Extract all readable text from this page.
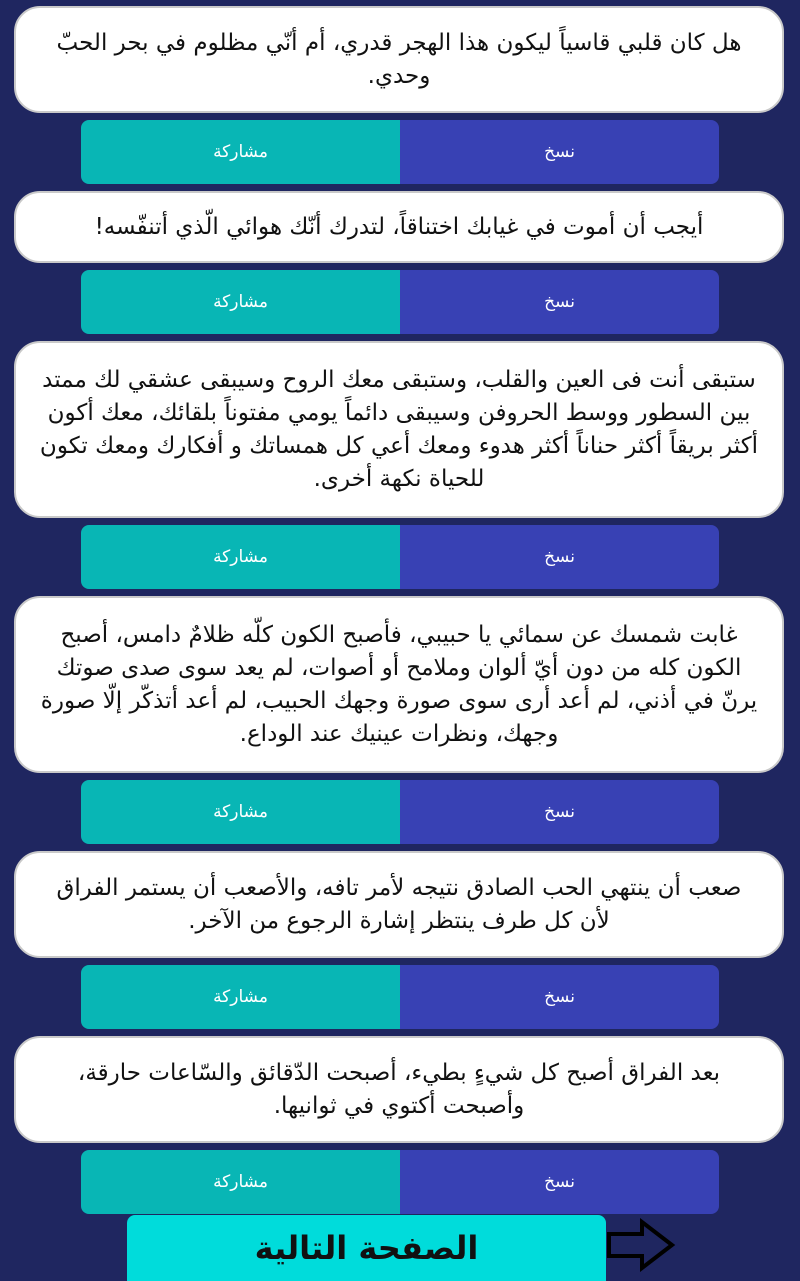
هل كان قلبي قاسياً ليكون هذا الهجر قدري، أم أنّي مظلوم في بحر الحبّ وحدي.
مشاركة	نسخ
أيجب أن أموت في غيابك اختناقاً، لتدرك أنّك هوائي الّذي أتنفّسه!
مشاركة	نسخ
ستبقى أنت فى العين والقلب، وستبقى معك الروح وسيبقى عشقي لك ممتد بين السطور ووسط الحروفن وسيبقى دائماً يومي مفتوناً بلقائك، معك أكون أكثر بريقاً أكثر حناناً أكثر هدوء ومعك أعي كل همساتك و أفكارك ومعك تكون للحياة نكهة أخرى.
مشاركة	نسخ
غابت شمسك عن سمائي يا حبيبي، فأصبح الكون كلّه ظلامٌ دامس، أصبح الكون كله من دون أيّ ألوان وملامح أو أصوات، لم يعد سوى صدى صوتك يرنّ في أذني، لم أعد أرى سوى صورة وجهك الحبيب، لم أعد أتذكّر إلّا صورة وجهك، ونظرات عينيك عند الوداع.
مشاركة	نسخ
صعب أن ينتهي الحب الصادق نتيجه لأمر تافه، والأصعب أن يستمر الفراق لأن كل طرف ينتظر إشارة الرجوع من الآخر.
مشاركة	نسخ
بعد الفراق أصبح كل شيءٍ بطيء، أصبحت الدّقائق والسّاعات حارقة، وأصبحت أكتوي في ثوانيها.
مشاركة	نسخ
الصفحة التالية
